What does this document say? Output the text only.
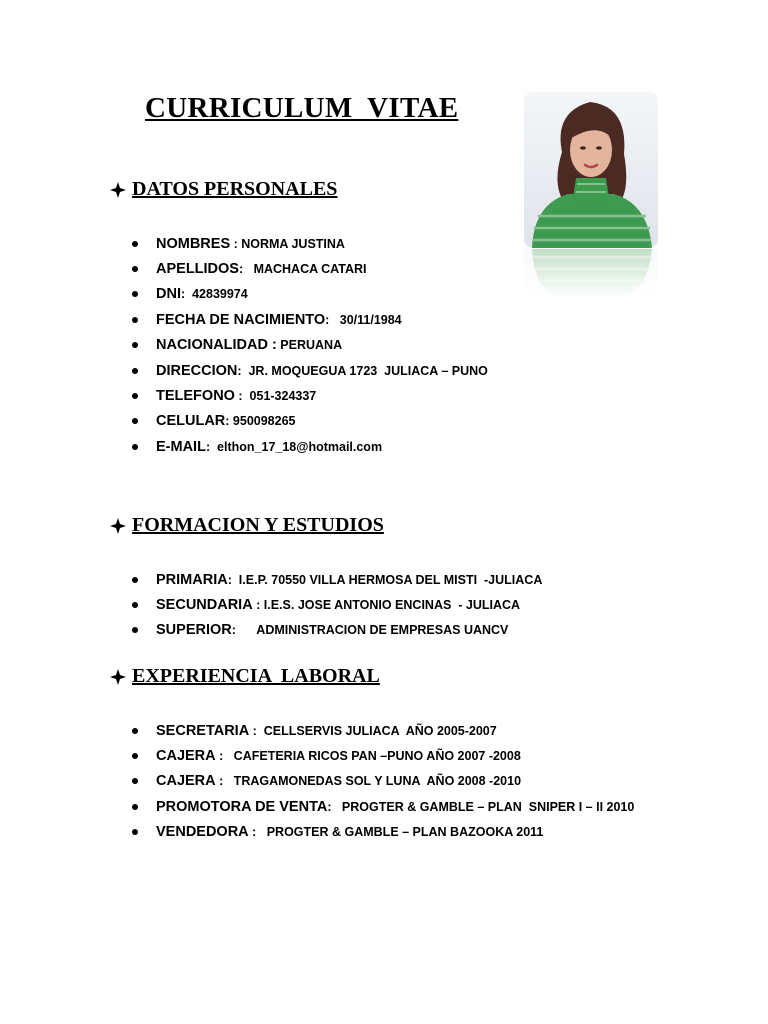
CURRICULUM  VITAE
DATOS PERSONALES
NOMBRES : NORMA JUSTINA
APELLIDOS :   MACHACA CATARI
DNI :  42839974
FECHA DE NACIMIENTO :   30/11/1984
NACIONALIDAD : PERUANA
DIRECCION :  JR. MOQUEGUA 1723  JULIACA – PUNO
TELEFONO :  051-324337
CELULAR : 950098265
E-MAIL :  elthon_17_18@hotmail.com
FORMACION Y ESTUDIOS
PRIMARIA :  I.E.P. 70550 VILLA HERMOSA DEL MISTI  -JULIACA
SECUNDARIA : I.E.S. JOSE ANTONIO ENCINAS  - JULIACA
SUPERIOR :      ADMINISTRACION DE EMPRESAS UANCV
EXPERIENCIA  LABORAL
SECRETARIA :  CELLSERVIS JULIACA  AÑO 2005-2007
CAJERA :   CAFETERIA RICOS PAN –PUNO AÑO 2007 -2008
CAJERA :   TRAGAMONEDAS SOL Y LUNA  AÑO 2008 -2010
PROMOTORA DE VENTA :   PROGTER & GAMBLE – PLAN  SNIPER I – II 2010
VENDEDORA :   PROGTER & GAMBLE – PLAN BAZOOKA 2011
